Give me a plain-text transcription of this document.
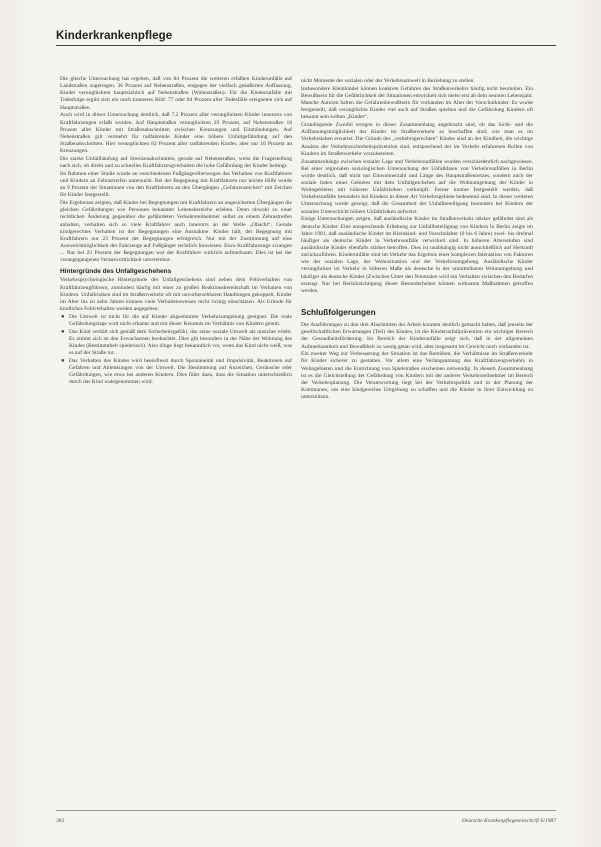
Kinderkrankenpflege

Die gleiche Untersuchung hat ergeben, daß von 84 Prozent die weiteren erfaßten Kinderunfälle auf Landstraßen zugetragen. 36 Prozent auf Nebenstraßen, entgegen der vielfach geäußerten Auffassung, Kinder verunglückten hauptsächlich auf Nebenstraßen (Wohnstraßen). Für die Kinderunfälle mit Todesfolge ergibt sich ein noch krasseres Bild: 77 oder 84 Prozent aller Todesfälle ereigneten sich auf Hauptstraßen.

Auch wird in dieser Untersuchung deutlich, daß 7,2 Prozent aller verunglückten Kinder innerorts von Kraftfahrzeugen erfaßt wurden. Auf Hauptstraßen verunglückten 29 Prozent, auf Nebenstraßen 18 Prozent aller Kinder mit Straßenabschnitten zwischen Kreuzungen und Einmündungen. Auf Nebenstraßen gilt vermehrt für radfahrende Kinder eine höhere Unfallgefährdung auf den Straßenabschnitten. Hier verunglückten 82 Prozent aller radfahrenden Kinder, aber nur 16 Prozent an Kreuzungen.

Die starke Unfallhäufung auf Streckenabschnitten, gerade auf Nebenstraßen, weist die Fragestellung nach sich, ob direkt und zu schnelles Kraftfahrzeugverhalten die hohe Gefährdung der Kinder bedingt.

Im Rahmen einer Studie wurde an verschiedenen Fußgängerüberwegen das Verhalten von Kraftfahrern und Kindern an Zebrastreifen untersucht. Bei der Begegnung mit Kraftfahrern nur leichte Hilfe wurde an 9 Prozent der Situationen von den Kraftfahrern an den Übergängen „Gefahrenzeichen“ mit Zeichen für Kinder festgestellt.

Die Ergebnisse zeigten, daß Kinder bei Begegnungen mit Kraftfahrern an ungesicherten Übergängen die gleichen Gefährdungen wie Personen bekannter Lebensbereiche erleben. Denn obwohl zu einer rechtlichen Änderung gegenüber die gefährdeten Verkehrsteilnehmer selbst an einem Zebrastreifen anhalten, verhalten sich so viele Kraftfahrer auch innerorts an der Stelle „Obacht“. Gerade kindgerechtes Verhalten ist der Begegnungen eine Ausnahme. Kinder hält, der Begegnung mit Kraftfahrern nur 23 Prozent der Begegnungen erfolgreich. Nur mit der Zustimmung auf eine Ausweichmöglichkeit der Fahrzeuge auf Fußgänger rechtlich hinwiesen. Etwa Kraftfahrzeuge zwangen ... Nur bei 23 Prozent der Begegnungen war der Kraftfahrer wirklich aufmerksam. Dies ist bei der vorangegangenen Verantwortlichkeit unvereinbar.

Hintergründe des Unfallgeschehens

Verkehrspsychologische Hintergründe des Unfallgeschehens sind neben dem Fehlverhalten von Kraftfahrzeugführern, zumindest häufig mit einer zu großen Reaktionsbereitschaft im Verhalten von Kindern. Unfallrisiken sind im Straßenverkehr oft mit unvorhersehbaren Handlungen gekoppelt. Kinder im Alter bis zu zehn Jahren können viele Verhaltensweisen nicht richtig einschätzen. Als Gründe für kindliches Fehlverhalten werden angegeben:

● Die Umwelt ist nicht für die auf Kinder abgestimmte Verkehrsumgebung geeignet. Die reale Gefährdungslage wird nicht erkannt und mit dieser Kenntnis im Verhältnis von Kindern geteilt.
● Das Kind verhält sich gemäß dem Sicherheitsgefühl, das seine soziale Umwelt als unsicher erlebt. Es nimmt sich an den Erwachsenen beobachtet. Dies gilt besonders in der Nähe der Wohnung des Kindes (Bestimmtheit spielerisch). Also dinge liegt bekanntlich vor, wenn das Kind nicht weiß, was es auf der Straße tut.
● Das Verhalten des Kindes wird beeinflusst durch Spontaneität und Impulsivität, Reaktionen auf Gefahren und Ablenkungen von der Umwelt. Die Bestimmung auf Anzeichen, Geräusche oder Gefährdungen, wie etwa bei anderen Kindern. Dies führt dazu, dass die Situation unterschiedlich durch das Kind wahrgenommen wird.

nicht Momente der sozialen oder der Verkehrsumwelt in Beziehung zu stellen.

Insbesondere Kleinkinder können konkrete Gefahren des Straßenverkehrs häufig nicht beurteilen. Ein Bewußtsein für die Gefährlichkeit der Situationen entwickelt sich meist erst ab dem neunten Lebensjahr. Manche Autoren halten die Gefahrenbewußtsein für vorhanden im Alter der Vorschulkinder. Es wurde festgestellt, daß verunglückte Kinder viel auch auf Straßen spielten und die Gefährdung Kindern oft bekannt sein sollten „Kinder“.

Grundlegende Zweifel erregen in dieser Zusammenhang angebracht sind, ob das Sicht- und die Auffassungsmöglichkeit der Kinder im Straßenverkehr so beschaffen sind, wie man es im Verkehrsleben erwartet. Die Gründe des „verkehrsgerechten“ Kindes sind an der Kindheit, die wichtige Ansätze der Verkehrssicherheitsprävention sind, entsprechend der im Verkehr erfahrenen Rollen von Kindern im Straßenverkehr vorzubereiten.

Zusammenhänge zwischen sozialer Lage und Verkehrsunfällen wurden verschiedentlich nachgewiesen. Bei einer regionalen soziologischen Untersuchung der Unfalldaten von Verkehrsunfällen in Berlin wurde deutlich, daß nicht nur Einwohnerzahl und Länge des Hauptstraßennetzes, sondern auch der soziale Index eines Gebietes mit dem Unfallgeschehen auf die Wohnumgebung der Kinder in Wohngebieten mit höheren Unfallrisiken verknüpft. Ferner konnte festgestellt werden, daß Verkehrsunfälle besonders bei Kindern in dieser Art Verkehrsgebiete bedeutend sind. In dieser weiteren Untersuchung wurde gezeigt, daß die Gesamtheit der Unfallbeteiligung besonders bei Kindern der sozialen Unterschicht höhere Unfallrisiken aufweist.

Einige Untersuchungen zeigen, daß ausländische Kinder im Straßenverkehr stärker gefährdet sind als deutsche Kinder. Eine entsprechende Erhebung zur Unfallbeteiligung von Kindern in Berlin zeigte im Jahre 1981, daß ausländische Kinder im Kleinkind- und Vorschulalter (0 bis 6 Jahre) zwei- bis dreimal häufiger als deutsche Kinder in Verkehrsunfälle verwickelt sind. In höheren Altersstufen sind ausländische Kinder ebenfalls stärker betroffen. Dies ist unabhängig nicht ausschließlich auf Herkunft zurückzuführen. Kinderunfälle sind im Verkehr das Ergebnis einer komplexen Interaktion von Faktoren wie der sozialen Lage, der Wohnsituation und der Verkehrsumgebung. Ausländische Kinder verunglücken im Verkehr in höheren Maße als deutsche in der unmittelbaren Wohnumgebung und häufiger als deutsche Kinder (Zwischen Unter den Nonmalen wird ein Verhalten zwischen den Bedarfen erzeugt. Nur bei Berücksichtigung dieser Besonderheiten können wirksame Maßnahmen getroffen werden.

Schlußfolgerungen

Die Ausführungen zu den drei Abschnitten der Arbeit konnten deutlich gemacht haben, daß jenseits der gesellschaftlichen Erwartungen (Teil) des Kindes, ist die Kinderunfallprävention ein wichtiger Bereich der Gesundheitsförderung. Im Bereich der Kinderunfälle zeigt sich, daß in der allgemeinen Aufmerksamkeit und Bewußtheit zu wenig getan wird, aber insgesamt im Gewicht noch vorhanden ist.

Ein zweiter Weg zur Verbesserung der Situation ist das Bemühen, die Verhältnisse im Straßenverkehr für Kinder sicherer zu gestalten. Vor allem eine Verlangsamung des Kraftfahrzeugverkehrs in Wohngebieten und die Einrichtung von Spielstraßen erscheinen notwendig. In diesem Zusammenhang ist es die Gleichstellung der Gefährdung von Kindern mit der anderer Verkehrsteilnehmer im Bereich der Verkehrsplanung. Die Verantwortung liegt bei der Verkehrspolitik und in der Planung der Kommunen, um eine kindgerechte Umgebung zu schaffen und die Kinder in ihrer Entwicklung zu unterstützen.

382	Deutsche Krankenpflegezeitschrift 6/1987
